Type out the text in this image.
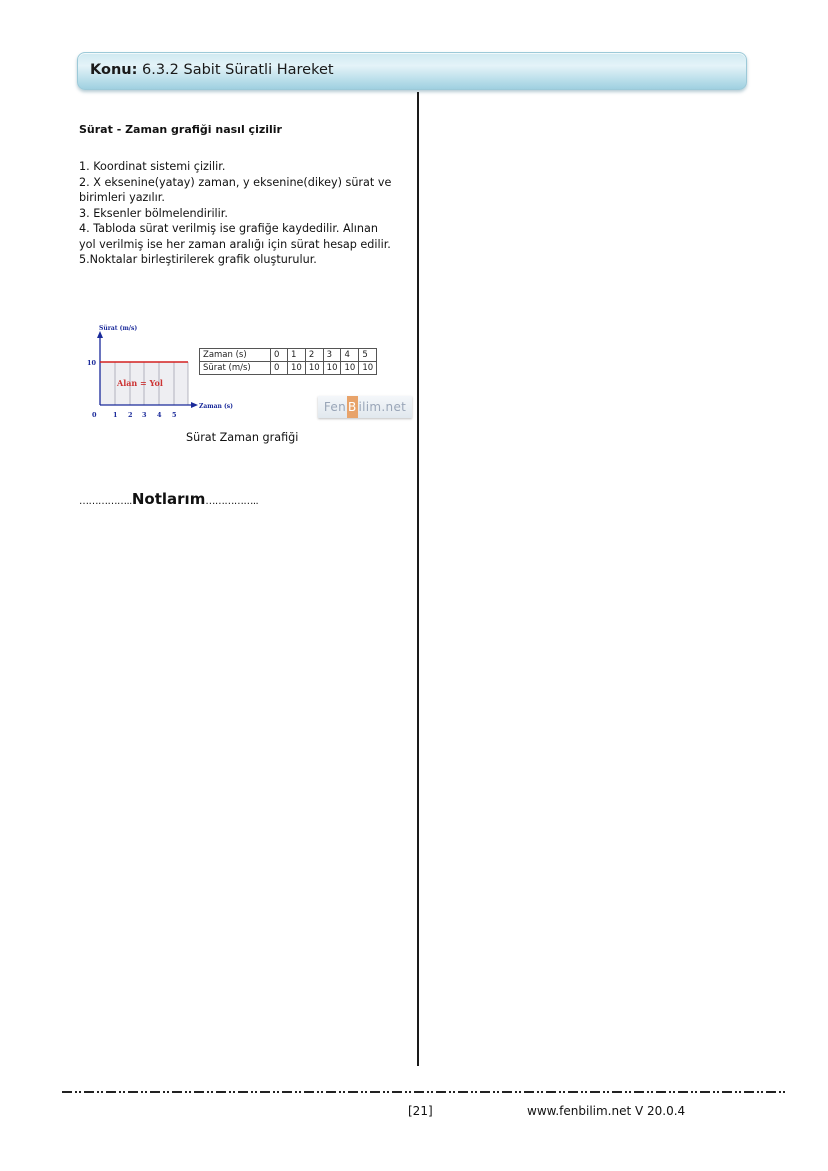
Konu: 6.3.2 Sabit Süratli Hareket
Sürat - Zaman grafiği nasıl çizilir
1. Koordinat sistemi çizilir.
2. X eksenine(yatay) zaman, y eksenine(dikey) sürat ve
birimleri yazılır.
3. Eksenler bölmelendirilir.
4. Tabloda sürat verilmiş ise grafiğe kaydedilir. Alınan
yol verilmiş ise her zaman aralığı için sürat hesap edilir.
5.Noktalar birleştirilerek grafik oluşturulur.
Sürat (m/s)
10
Alan = Yol
0	1 2 3 4 5
Zaman (s)
Zaman (s)	0	1	2	3	4	5
Sürat (m/s)	0	10	10	10	10	10
Fen B ilim.net
Sürat Zaman grafiği
……………..Notlarım……………..
[21]	www.fenbilim.net V 20.0.4
